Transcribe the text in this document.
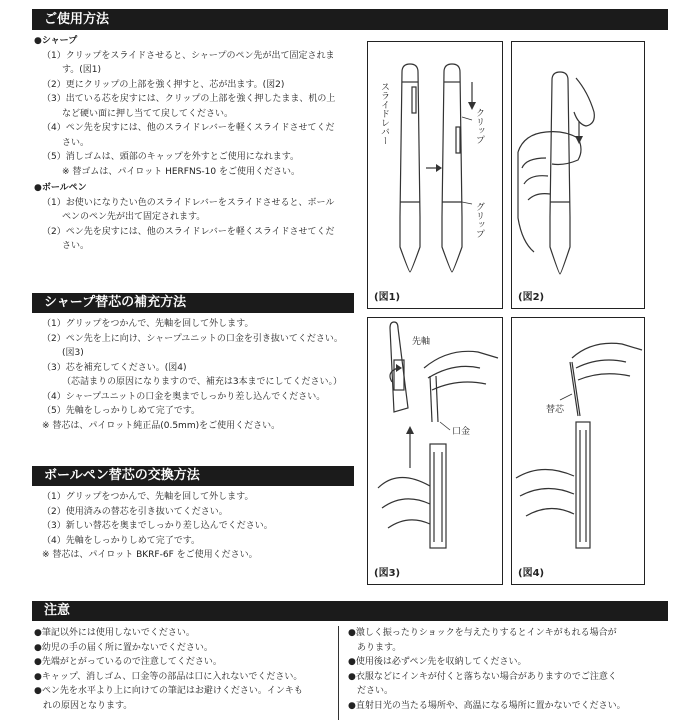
ご使用方法

●シャープ

（1）クリップをスライドさせると、シャープのペン先が出て固定されま

す。(図1)

（2）更にクリップの上部を強く押すと、芯が出ます。(図2)

（3）出ている芯を戻すには、クリップの上部を強く押したまま、机の上

など硬い面に押し当てて戻してください。

（4）ペン先を戻すには、他のスライドレバーを軽くスライドさせてくだ

さい。

（5）消しゴムは、頭部のキャップを外すとご使用になれます。

※ 替ゴムは、パイロット HERFNS-10 をご使用ください。

●ボールペン

（1）お使いになりたい色のスライドレバーをスライドさせると、ボール

ペンのペン先が出て固定されます。

（2）ペン先を戻すには、他のスライドレバーを軽くスライドさせてくだ

さい。

シャープ替芯の補充方法

（1）グリップをつかんで、先軸を回して外します。

（2）ペン先を上に向け、シャープユニットの口金を引き抜いてください。

(図3)

（3）芯を補充してください。(図4)

（芯詰まりの原因になりますので、補充は3本までにしてください。）

（4）シャープユニットの口金を奥までしっかり差し込んでください。

（5）先軸をしっかりしめて完了です。

※ 替芯は、パイロット純正品(0.5mm)をご使用ください。

ボールペン替芯の交換方法

（1）グリップをつかんで、先軸を回して外します。

（2）使用済みの替芯を引き抜いてください。

（3）新しい替芯を奥までしっかり差し込んでください。

（4）先軸をしっかりしめて完了です。

※ 替芯は、パイロット BKRF-6F をご使用ください。

スライドレバー	クリップ
グリップ
(図1)	(図2)
先軸
口金
(図3)
替芯
(図4)
注意

●筆記以外には使用しないでください。

●幼児の手の届く所に置かないでください。

●先端がとがっているので注意してください。

●キャップ、消しゴム、口金等の部品は口に入れないでください。

●ペン先を水平より上に向けての筆記はお避けください。インキも

れの原因となります。

●激しく振ったりショックを与えたりするとインキがもれる場合が

あります。

●使用後は必ずペン先を収納してください。

●衣服などにインキが付くと落ちない場合がありますのでご注意く

ださい。

●直射日光の当たる場所や、高温になる場所に置かないでください。
